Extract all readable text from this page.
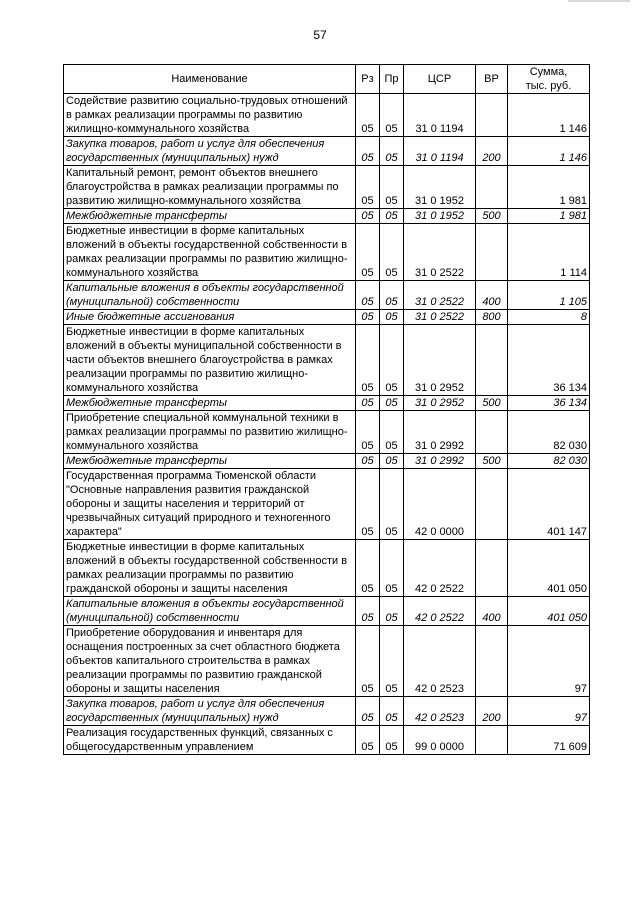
57
Наименование	Рз	Пр	ЦСР	ВР	Сумма,
тыс. руб.

Содействие развитию социально-трудовых отношений в рамках реализации программы по развитию жилищно-коммунального хозяйства	05	05	31 0 1194		1 146
Закупка товаров, работ и услуг для обеспечения государственных (муниципальных) нужд	05	05	31 0 1194	200	1 146
Капитальный ремонт, ремонт объектов внешнего благоустройства в рамках реализации программы по развитию жилищно-коммунального хозяйства	05	05	31 0 1952		1 981
Межбюджетные трансферты	05	05	31 0 1952	500	1 981
Бюджетные инвестиции в форме капитальных вложений в объекты государственной собственности в рамках реализации программы по развитию жилищно-коммунального хозяйства	05	05	31 0 2522		1 114
Капитальные вложения в объекты государственной (муниципальной) собственности	05	05	31 0 2522	400	1 105
Иные бюджетные ассигнования	05	05	31 0 2522	800	8
Бюджетные инвестиции в форме капитальных вложений в объекты муниципальной собственности в части объектов внешнего благоустройства в рамках реализации программы по развитию жилищно-коммунального хозяйства	05	05	31 0 2952		36 134
Межбюджетные трансферты	05	05	31 0 2952	500	36 134
Приобретение специальной коммунальной техники в рамках реализации программы по развитию жилищно-коммунального хозяйства	05	05	31 0 2992		82 030
Межбюджетные трансферты	05	05	31 0 2992	500	82 030
Государственная программа Тюменской области "Основные направления развития гражданской обороны и защиты населения и территорий от чрезвычайных ситуаций природного и техногенного характера"	05	05	42 0 0000		401 147
Бюджетные инвестиции в форме капитальных вложений в объекты государственной собственности в рамках реализации программы по развитию гражданской обороны и защиты населения	05	05	42 0 2522		401 050
Капитальные вложения в объекты государственной (муниципальной) собственности	05	05	42 0 2522	400	401 050
Приобретение оборудования и инвентаря для оснащения построенных за счет областного бюджета объектов капитального строительства в рамках реализации программы по развитию гражданской обороны и защиты населения	05	05	42 0 2523		97
Закупка товаров, работ и услуг для обеспечения государственных (муниципальных) нужд	05	05	42 0 2523	200	97
Реализация государственных функций, связанных с общегосударственным управлением	05	05	99 0 0000		71 609
